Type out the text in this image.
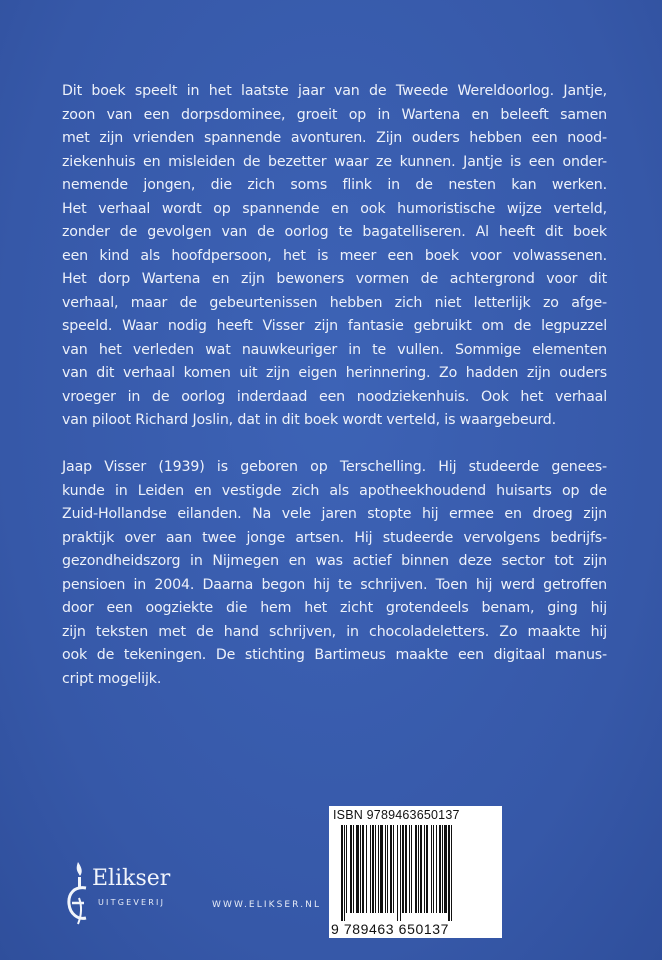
Dit boek speelt in het laatste jaar van de Tweede Wereldoorlog. Jantje,
zoon van een dorpsdominee, groeit op in Wartena en beleeft samen
met zijn vrienden spannende avonturen. Zijn ouders hebben een nood-
ziekenhuis en misleiden de bezetter waar ze kunnen. Jantje is een onder-
nemende jongen, die zich soms flink in de nesten kan werken.
Het verhaal wordt op spannende en ook humoristische wijze verteld,
zonder de gevolgen van de oorlog te bagatelliseren. Al heeft dit boek
een kind als hoofdpersoon, het is meer een boek voor volwassenen.
Het dorp Wartena en zijn bewoners vormen de achtergrond voor dit
verhaal, maar de gebeurtenissen hebben zich niet letterlijk zo afge-
speeld. Waar nodig heeft Visser zijn fantasie gebruikt om de legpuzzel
van het verleden wat nauwkeuriger in te vullen. Sommige elementen
van dit verhaal komen uit zijn eigen herinnering. Zo hadden zijn ouders
vroeger in de oorlog inderdaad een noodziekenhuis. Ook het verhaal
van piloot Richard Joslin, dat in dit boek wordt verteld, is waargebeurd.
Jaap Visser (1939) is geboren op Terschelling. Hij studeerde genees-
kunde in Leiden en vestigde zich als apotheekhoudend huisarts op de
Zuid-Hollandse eilanden. Na vele jaren stopte hij ermee en droeg zijn
praktijk over aan twee jonge artsen. Hij studeerde vervolgens bedrijfs-
gezondheidszorg in Nijmegen en was actief binnen deze sector tot zijn
pensioen in 2004. Daarna begon hij te schrijven. Toen hij werd getroffen
door een oogziekte die hem het zicht grotendeels benam, ging hij
zijn teksten met de hand schrijven, in chocoladeletters. Zo maakte hij
ook de tekeningen. De stichting Bartimeus maakte een digitaal manus-
cript mogelijk.
Elikser
UITGEVERIJ	WWW.ELIKSER.NL
ISBN 9789463650137
9 789463 650137
